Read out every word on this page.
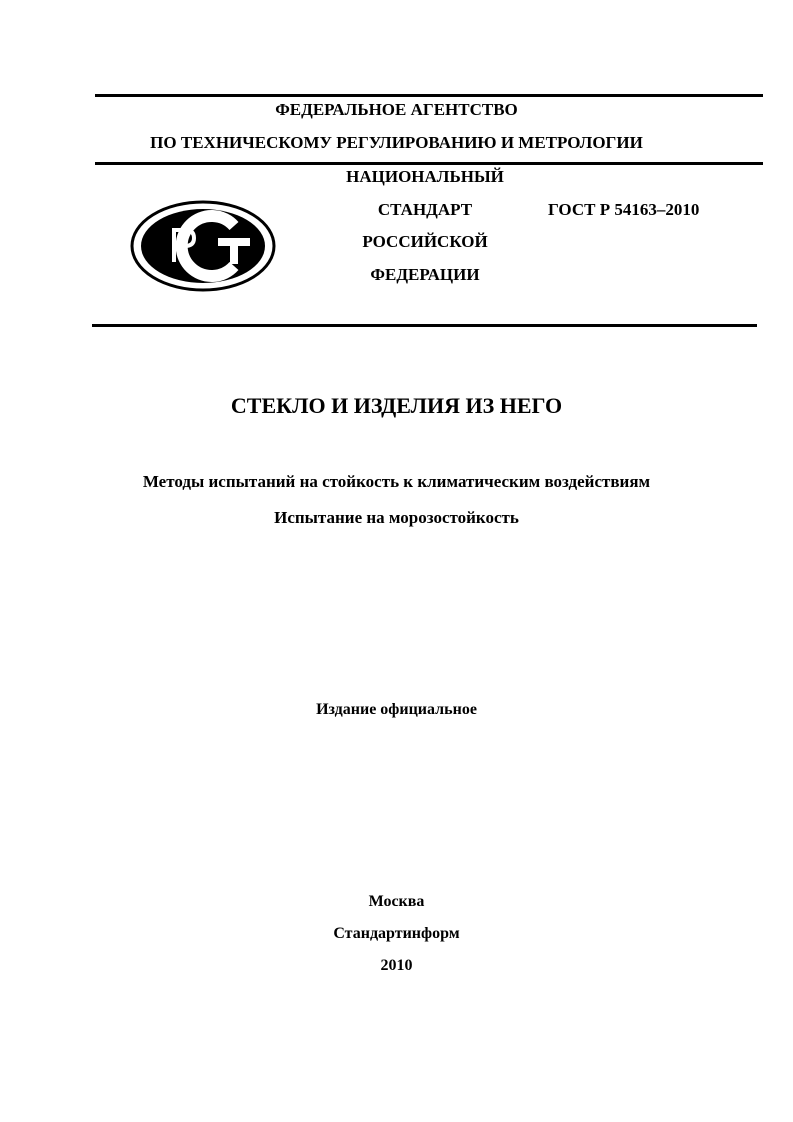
ФЕДЕРАЛЬНОЕ АГЕНТСТВО
ПО ТЕХНИЧЕСКОМУ РЕГУЛИРОВАНИЮ И МЕТРОЛОГИИ
НАЦИОНАЛЬНЫЙ
СТАНДАРТ
РОССИЙСКОЙ
ФЕДЕРАЦИИ
ГОСТ Р 54163–2010
СТЕКЛО И ИЗДЕЛИЯ ИЗ НЕГО
Методы испытаний на стойкость к климатическим воздействиям
Испытание на морозостойкость
Издание официальное
Москва
Стандартинформ
2010
